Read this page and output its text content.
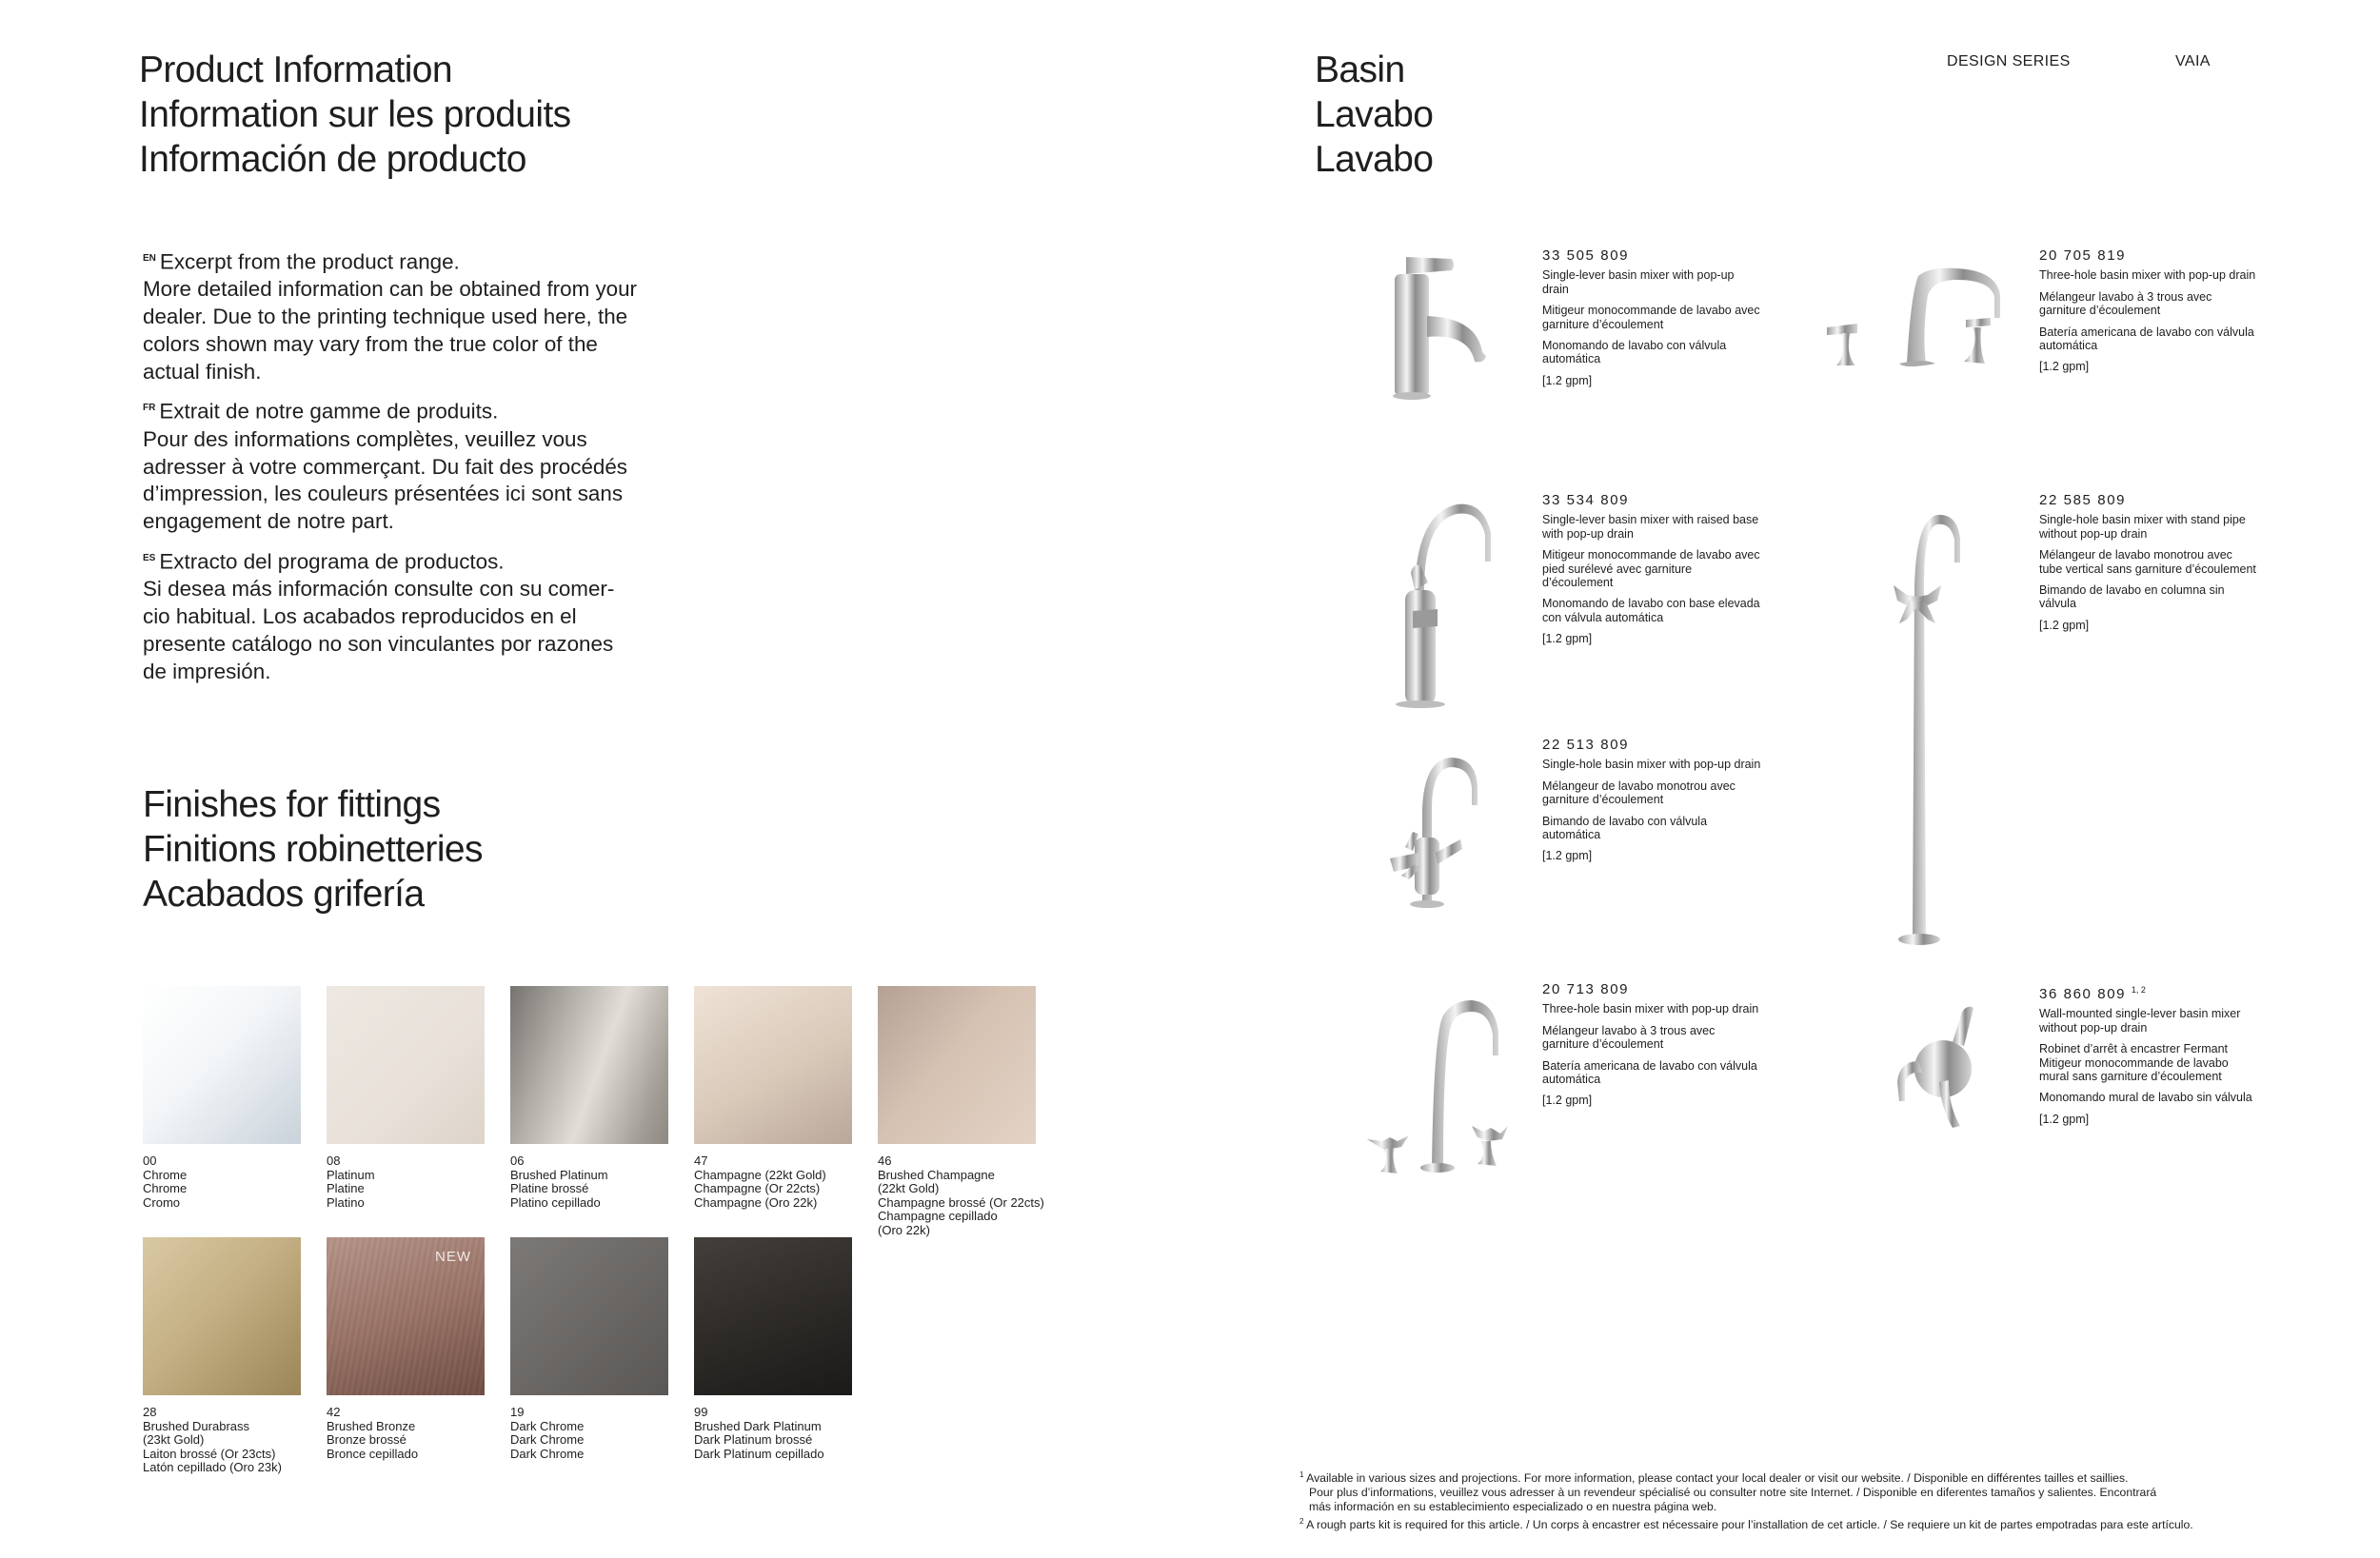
Product Information
Information sur les produits
Información de producto

$^{EN}$ Excerpt from the product range.
More detailed information can be obtained from your dealer. Due to the printing technique used here, the colors shown may vary from the true color of the actual finish.

$^{FR}$ Extrait de notre gamme de produits.
Pour des informations complètes, veuillez vous adresser à votre commerçant. Du fait des procédés d’impression, les couleurs présentées ici sont sans engagement de notre part.

$^{ES}$ Extracto del programa de productos.
Si desea más información consulte con su comer-cio habitual. Los acabados reproducidos en el presente catálogo no son vinculantes por razones de impresión.

Finishes for fittings
Finitions robinetteries
Acabados grifería
00
Chrome
Chrome
Cromo
08
Platinum
Platine
Platino
06
Brushed Platinum
Platine brossé
Platino cepillado
47
Champagne (22kt Gold)
Champagne (Or 22cts)
Champagne (Oro 22k)
46
Brushed Champagne
(22kt Gold)
Champagne brossé (Or 22cts)
Champagne cepillado
(Oro 22k)
NEW
28
Brushed Durabrass
(23kt Gold)
Laiton brossé (Or 23cts)
Latón cepillado (Oro 23k)
42
Brushed Bronze
Bronze brossé
Bronce cepillado
19
Dark Chrome
Dark Chrome
Dark Chrome
99
Brushed Dark Platinum
Dark Platinum brossé
Dark Platinum cepillado
Basin
Lavabo
Lavabo
DESIGN SERIES	VAIA
33 505 809
Single-lever basin mixer with pop-up drain
Mitigeur monocommande de lavabo avec garniture d’écoulement
Monomando de lavabo con válvula automática
[1.2 gpm]
20 705 819
Three-hole basin mixer with pop-up drain
Mélangeur lavabo à 3 trous avec garniture d’écoulement
Batería americana de lavabo con válvula automática
[1.2 gpm]
33 534 809
Single-lever basin mixer with raised base with pop-up drain
Mitigeur monocommande de lavabo avec pied surélevé avec garniture d’écoulement
Monomando de lavabo con base elevada con válvula automática
[1.2 gpm]
22 585 809
Single-hole basin mixer with stand pipe without pop-up drain
Mélangeur de lavabo monotrou avec tube vertical sans garniture d’écoulement
Bimando de lavabo en columna sin válvula
[1.2 gpm]
22 513 809
Single-hole basin mixer with pop-up drain
Mélangeur de lavabo monotrou avec garniture d’écoulement
Bimando de lavabo con válvula automática
[1.2 gpm]
20 713 809
Three-hole basin mixer with pop-up drain
Mélangeur lavabo à 3 trous avec garniture d’écoulement
Batería americana de lavabo con válvula automática
[1.2 gpm]
36 860 809 $^{1, 2}$
Wall-mounted single-lever basin mixer without pop-up drain
Robinet d’arrêt à encastrer Fermant Mitigeur monocommande de lavabo mural sans garniture d’écoulement
Monomando mural de lavabo sin válvula
[1.2 gpm]
$^1$ Available in various sizes and projections. For more information, please contact your local dealer or visit our website. / Disponible en différentes tailles et saillies.
Pour plus d’informations, veuillez vous adresser à un revendeur spécialisé ou consulter notre site Internet. / Disponible en diferentes tamaños y salientes. Encontrará
más información en su establecimiento especializado o en nuestra página web.
$^2$ A rough parts kit is required for this article. / Un corps à encastrer est nécessaire pour l’installation de cet article. / Se requiere un kit de partes empotradas para este artículo.
